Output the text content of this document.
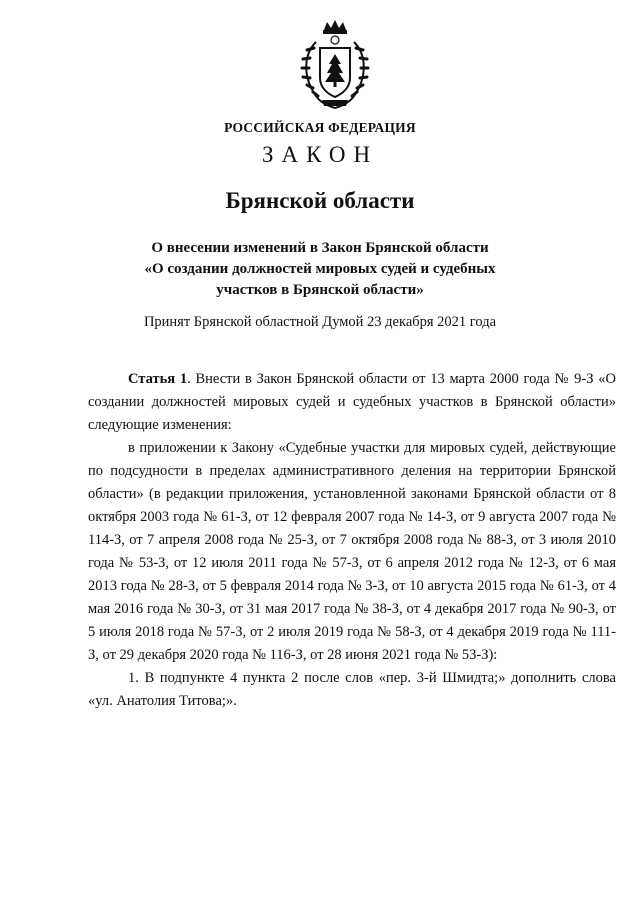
РОССИЙСКАЯ ФЕДЕРАЦИЯ
ЗАКОН
Брянской области
О внесении изменений в Закон Брянской области
«О создании должностей мировых судей и судебных
участков в Брянской области»
Принят Брянской областной Думой 23 декабря 2021 года

Статья 1. Внести в Закон Брянской области от 13 марта 2000 года № 9-З «О создании должностей мировых судей и судебных участков в Брянской области» следующие изменения:

в приложении к Закону «Судебные участки для мировых судей, действующие по подсудности в пределах административного деления на территории Брянской области» (в редакции приложения, установленной законами Брянской области от 8 октября 2003 года № 61-З, от 12 февраля 2007 года № 14-З, от 9 августа 2007 года № 114-З, от 7 апреля 2008 года № 25-З, от 7 октября 2008 года № 88-З, от 3 июля 2010 года № 53-З, от 12 июля 2011 года № 57-З, от 6 апреля 2012 года № 12-З, от 6 мая 2013 года № 28-З, от 5 февраля 2014 года № 3-З, от 10 августа 2015 года № 61-З, от 4 мая 2016 года № 30-З, от 31 мая 2017 года № 38-З, от 4 декабря 2017 года № 90-З, от 5 июля 2018 года № 57-З, от 2 июля 2019 года № 58-З, от 4 декабря 2019 года № 111-З, от 29 декабря 2020 года № 116-З, от 28 июня 2021 года № 53-З):

1. В подпункте 4 пункта 2 после слов «пер. 3-й Шмидта;» дополнить слова «ул. Анатолия Титова;».
